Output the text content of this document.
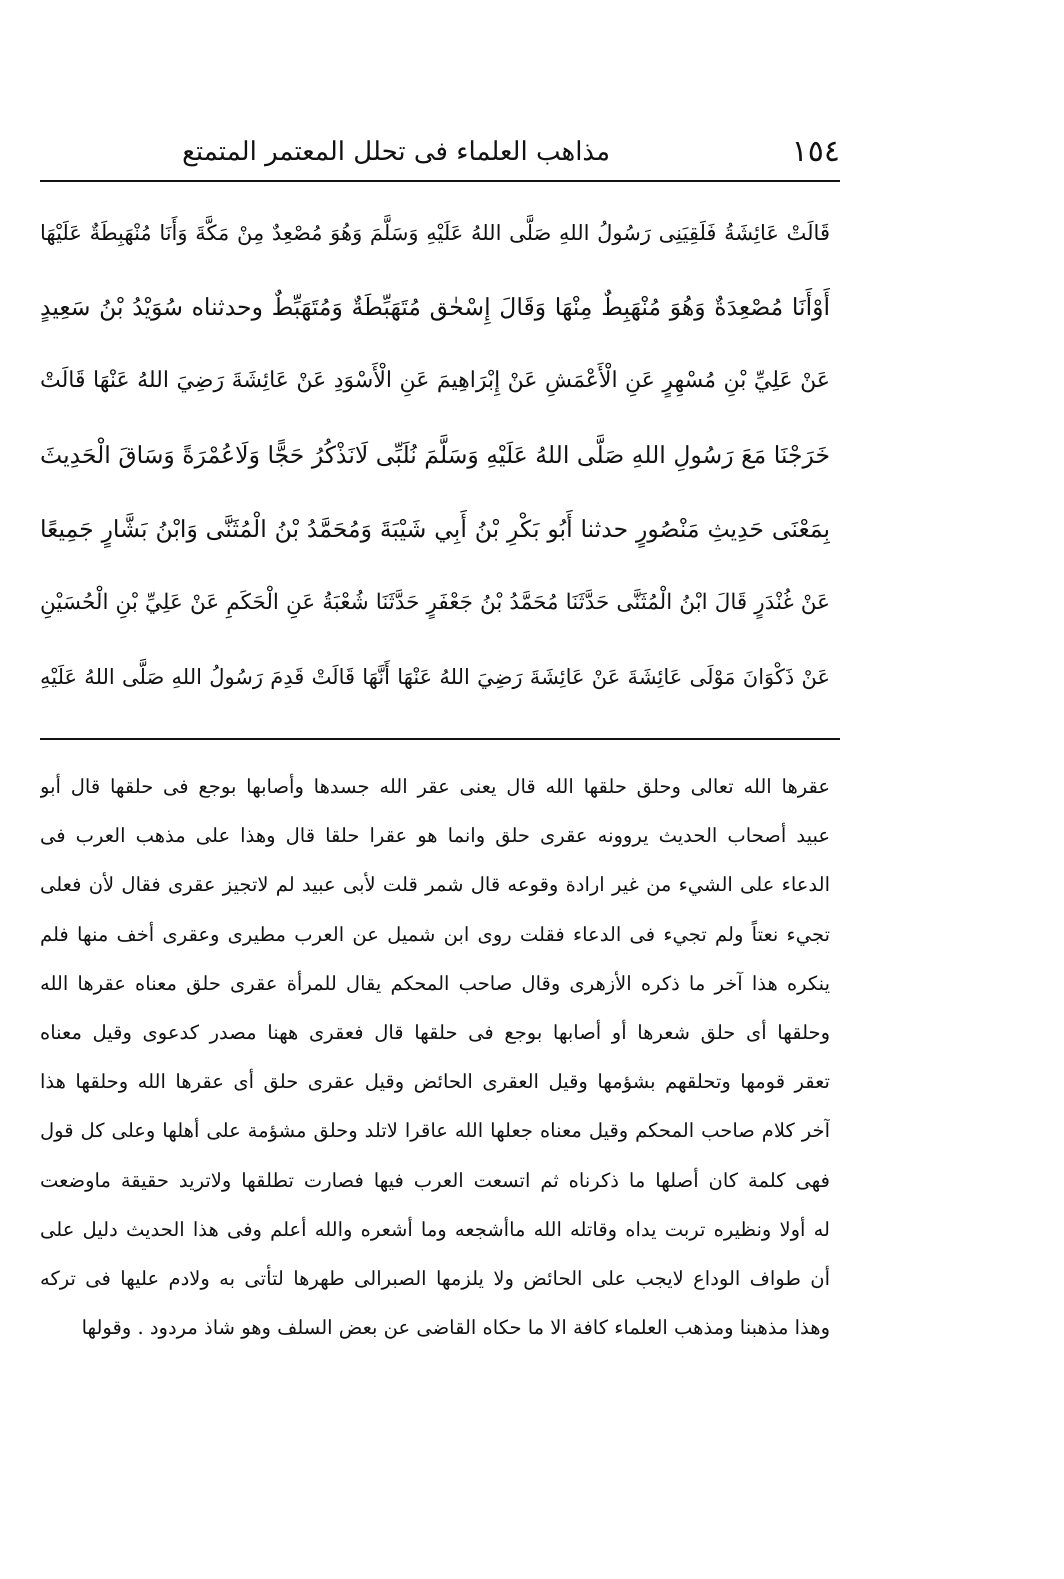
١٥٤
مذاهب العلماء فى تحلل المعتمر المتمتع
قَالَتْ عَائِشَةُ فَلَقِيَنِى رَسُولُ اللهِ صَلَّى اللهُ عَلَيْهِ وَسَلَّمَ وَهُوَ مُصْعِدٌ مِنْ مَكَّةَ وَأَنَا مُنْهَبِطَةٌ عَلَيْهَا
أَوْأَنَا مُصْعِدَةٌ وَهُوَ مُنْهَبِطٌ مِنْهَا وَقَالَ إِسْحٰق مُتَهَبِّطَةٌ وَمُتَهَبِّطٌ وحدثناه سُوَيْدُ بْنُ سَعِيدٍ
عَنْ عَلِيِّ بْنِ مُسْهِرٍ عَنِ الْأَعْمَشِ عَنْ إِبْرَاهِيمَ عَنِ الْأَسْوَدِ عَنْ عَائِشَةَ رَضِيَ اللهُ عَنْهَا قَالَتْ
خَرَجْنَا مَعَ رَسُولِ اللهِ صَلَّى اللهُ عَلَيْهِ وَسَلَّمَ نُلَبِّى لَانَذْكُرُ حَجًّا وَلَاعُمْرَةً وَسَاقَ الْحَدِيثَ
بِمَعْنَى حَدِيثِ مَنْصُورٍ حدثنا أَبُو بَكْرِ بْنُ أَبِي شَيْبَةَ وَمُحَمَّدُ بْنُ الْمُثَنَّى وَابْنُ بَشَّارٍ جَمِيعًا
عَنْ غُنْدَرٍ قَالَ ابْنُ الْمُثَنَّى حَدَّثَنَا مُحَمَّدُ بْنُ جَعْفَرٍ حَدَّثَنَا شُعْبَةُ عَنِ الْحَكَمِ عَنْ عَلِيِّ بْنِ الْحُسَيْنِ
عَنْ ذَكْوَانَ مَوْلَى عَائِشَةَ عَنْ عَائِشَةَ رَضِيَ اللهُ عَنْهَا أَنَّهَا قَالَتْ قَدِمَ رَسُولُ اللهِ صَلَّى اللهُ عَلَيْهِ
عقرها الله تعالى وحلق حلقها الله قال يعنى عقر الله جسدها وأصابها بوجع فى حلقها قال أبو
عبيد أصحاب الحديث يروونه عقرى حلق وانما هو عقرا حلقا قال وهذا على مذهب العرب فى
الدعاء على الشيء من غير ارادة وقوعه قال شمر قلت لأبى عبيد لم لاتجيز عقرى فقال لأن فعلى
تجيء نعتاً ولم تجيء فى الدعاء فقلت روى ابن شميل عن العرب مطيرى وعقرى أخف منها فلم
ينكره هذا آخر ما ذكره الأزهرى وقال صاحب المحكم يقال للمرأة عقرى حلق معناه عقرها الله
وحلقها أى حلق شعرها أو أصابها بوجع فى حلقها قال فعقرى ههنا مصدر كدعوى وقيل معناه
تعقر قومها وتحلقهم بشؤمها وقيل العقرى الحائض وقيل عقرى حلق أى عقرها الله وحلقها هذا
آخر كلام صاحب المحكم وقيل معناه جعلها الله عاقرا لاتلد وحلق مشؤمة على أهلها وعلى كل قول
فهى كلمة كان أصلها ما ذكرناه ثم اتسعت العرب فيها فصارت تطلقها ولاتريد حقيقة ماوضعت
له أولا ونظيره تربت يداه وقاتله الله ماأشجعه وما أشعره والله أعلم وفى هذا الحديث دليل على
أن طواف الوداع لايجب على الحائض ولا يلزمها الصبرالى طهرها لتأتى به ولادم عليها فى تركه
وهذا مذهبنا ومذهب العلماء كافة الا ما حكاه القاضى عن بعض السلف وهو شاذ مردود . وقولها
